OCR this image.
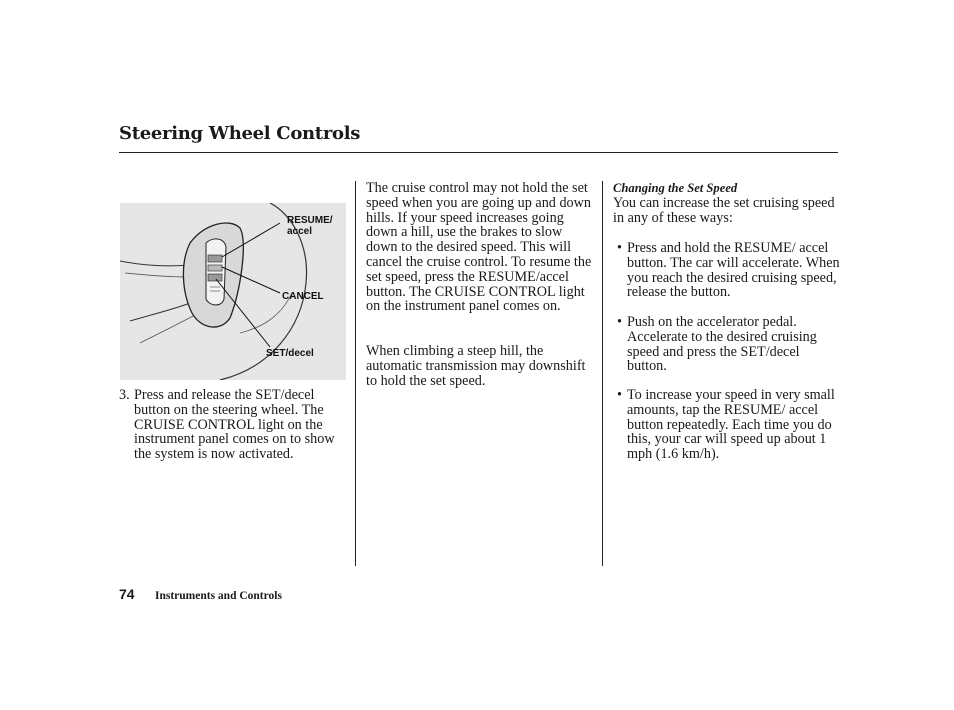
Steering Wheel Controls
RESUME/
accel
CANCEL
SET/decel
3. Press and release the SET/decel button on the steering wheel. The CRUISE CONTROL light on the instrument panel comes on to show the system is now activated.

The cruise control may not hold the set speed when you are going up and down hills. If your speed increases going down a hill, use the brakes to slow down to the desired speed. This will cancel the cruise control. To resume the set speed, press the RESUME/accel button. The CRUISE CONTROL light on the instrument panel comes on.

When climbing a steep hill, the automatic transmission may downshift to hold the set speed.

Changing the Set Speed

You can increase the set cruising speed in any of these ways:

• Press and hold the RESUME/ accel button. The car will accelerate. When you reach the desired cruising speed, release the button.
• Push on the accelerator pedal. Accelerate to the desired cruising speed and press the SET/decel button.
• To increase your speed in very small amounts, tap the RESUME/ accel button repeatedly. Each time you do this, your car will speed up about 1 mph (1.6 km/h).
74 Instruments and Controls
